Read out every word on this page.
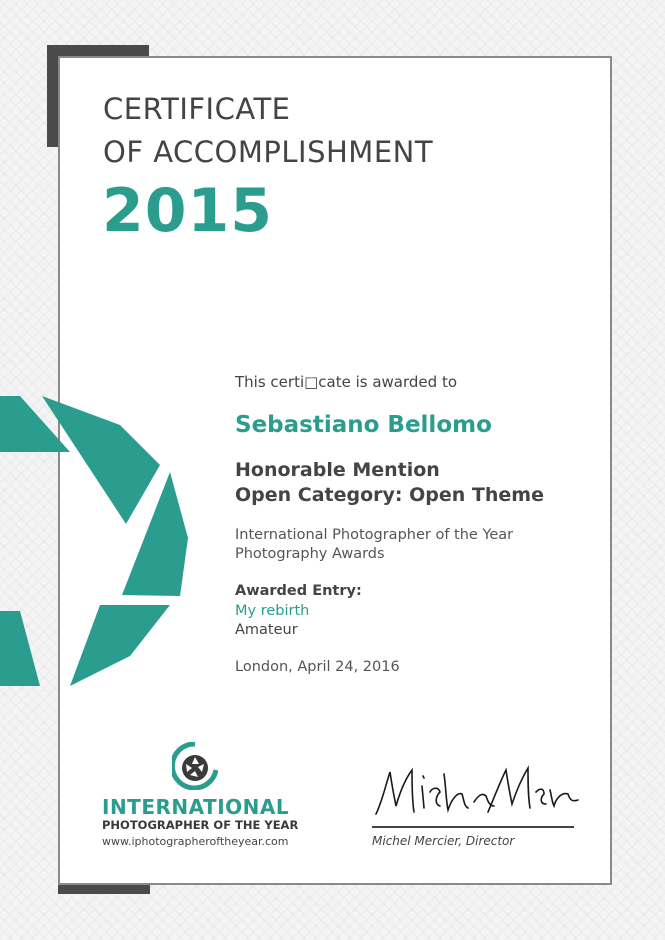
CERTIFICATE
OF ACCOMPLISHMENT
2015
This certi□cate is awarded to
Sebastiano Bellomo
Honorable Mention
Open Category: Open Theme
International Photographer of the Year
Photography Awards
Awarded Entry:
My rebirth
Amateur
London, April 24, 2016
INTERNATIONAL
PHOTOGRAPHER OF THE YEAR
www.iphotographeroftheyear.com	Michel Mercier, Director
